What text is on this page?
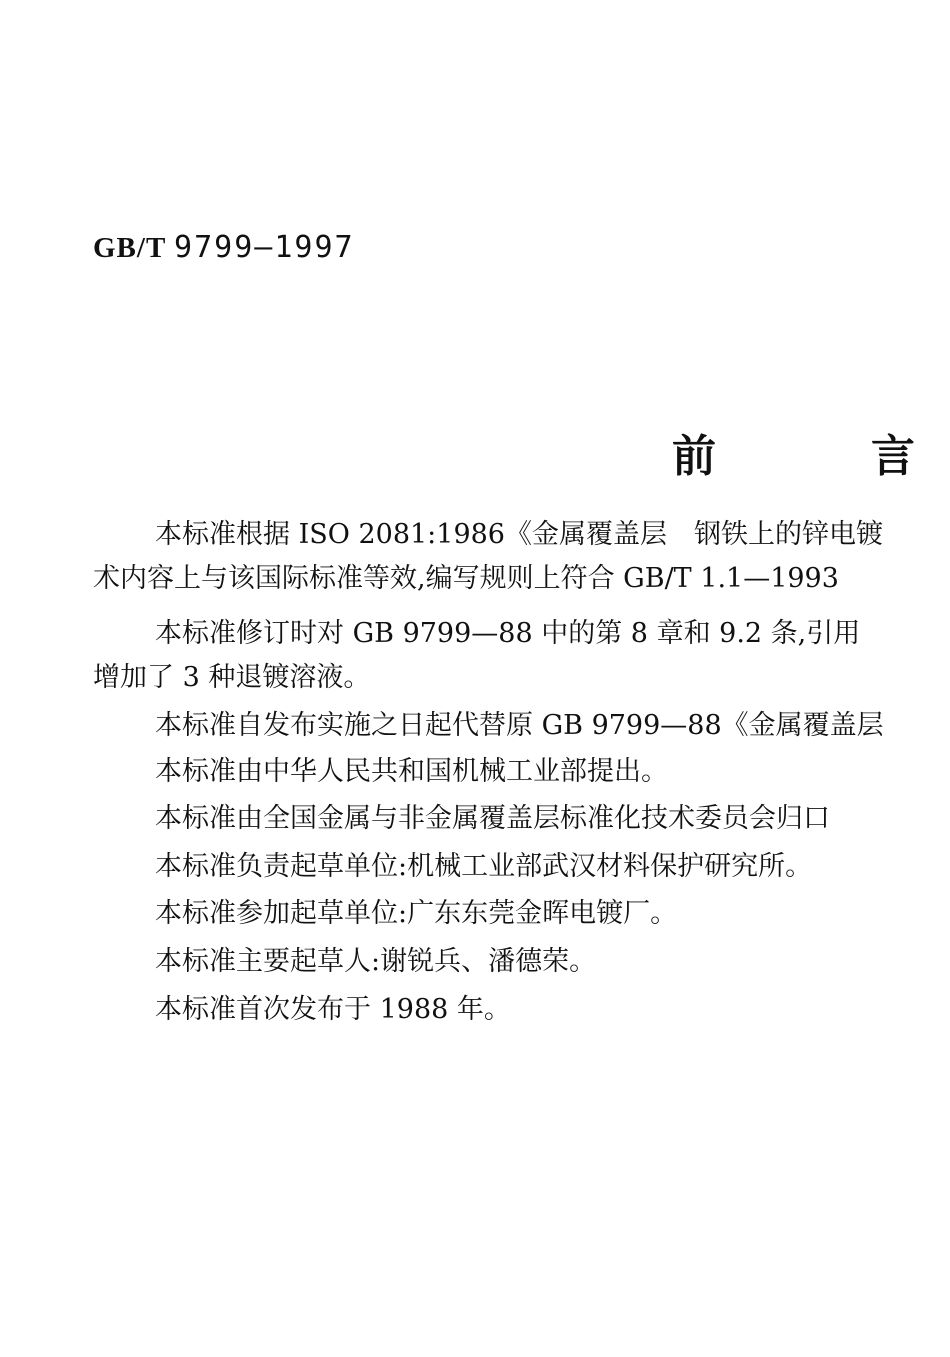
GB/T 9799—1997
前	言
本标准根据 ISO 2081:1986《金属覆盖层　钢铁上的锌电镀
术内容上与该国际标准等效,编写规则上符合 GB/T 1.1—1993
本标准修订时对 GB 9799—88 中的第 8 章和 9.2 条,引用
增加了 3 种退镀溶液。
本标准自发布实施之日起代替原 GB 9799—88《金属覆盖层
本标准由中华人民共和国机械工业部提出。
本标准由全国金属与非金属覆盖层标准化技术委员会归口
本标准负责起草单位:机械工业部武汉材料保护研究所。
本标准参加起草单位:广东东莞金晖电镀厂。
本标准主要起草人:谢锐兵、潘德荣。
本标准首次发布于 1988 年。
